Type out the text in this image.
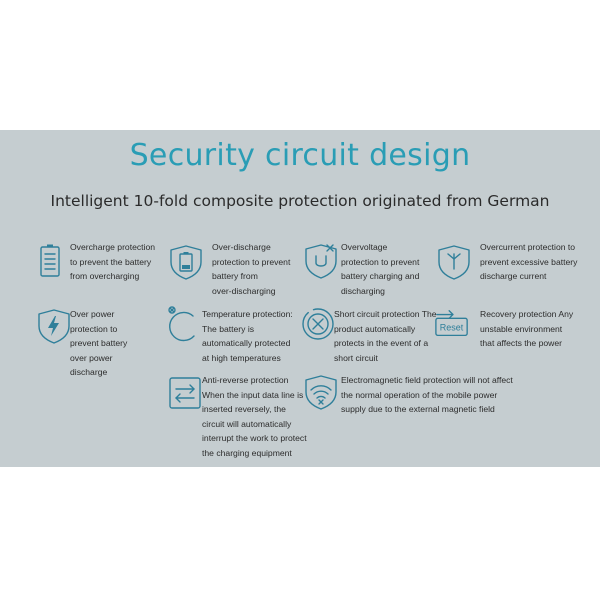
Security circuit design
Intelligent 10-fold composite protection originated from German
Overcharge protection
to prevent the battery
from overcharging
Over-discharge
protection to prevent
battery from
over-discharging
Overvoltage
protection to prevent
battery charging and
discharging
Overcurrent protection to
prevent excessive battery
discharge current
Over power
protection to
prevent battery
over power
discharge
Temperature protection:
The battery is
automatically protected
at high temperatures
Short circuit protection The
product automatically
protects in the event of a
short circuit
Reset
Recovery protection Any
unstable environment
that affects the power
Anti-reverse protection
When the input data line is
inserted reversely, the
circuit will automatically
interrupt the work to protect
the charging equipment
Electromagnetic field protection will not affect
the normal operation of the mobile power
supply due to the external magnetic field
